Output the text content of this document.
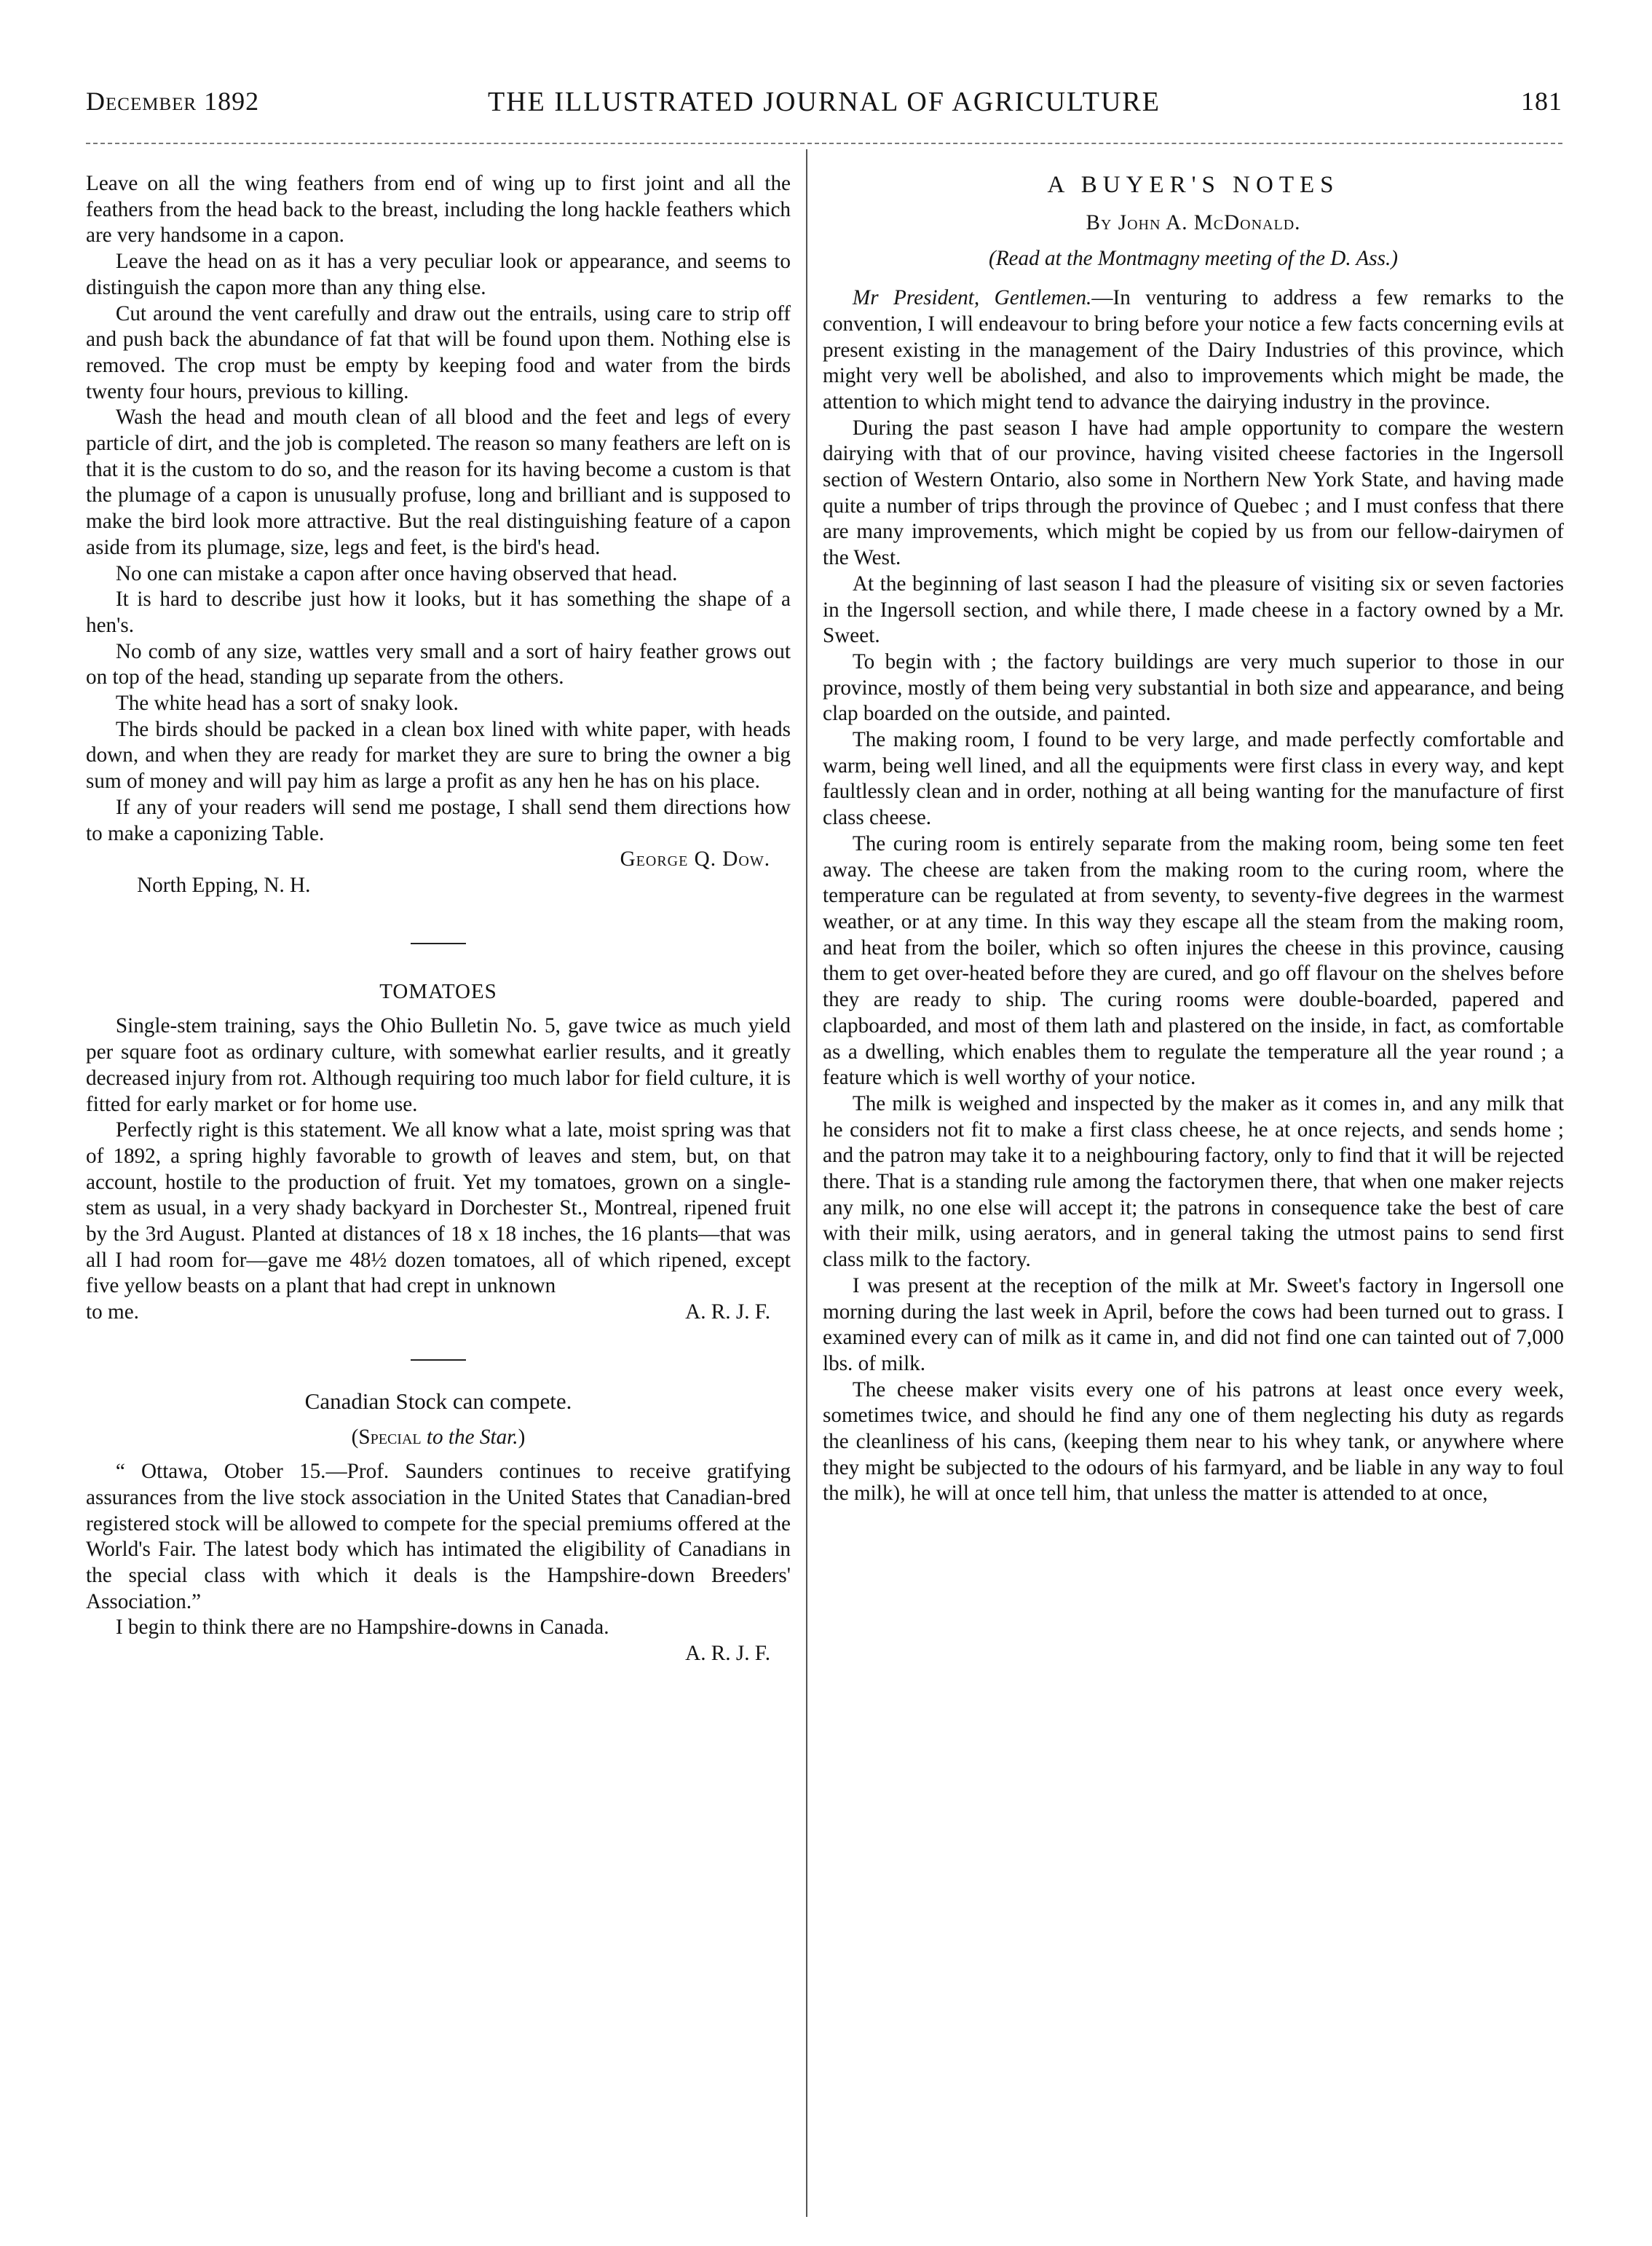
December 1892	THE ILLUSTRATED JOURNAL OF AGRICULTURE	181

Leave on all the wing feathers from end of wing up to first joint and all the feathers from the head back to the breast, including the long hackle feathers which are very handsome in a capon.

Leave the head on as it has a very peculiar look or appearance, and seems to distinguish the capon more than any thing else.

Cut around the vent carefully and draw out the entrails, using care to strip off and push back the abundance of fat that will be found upon them. Nothing else is removed. The crop must be empty by keeping food and water from the birds twenty four hours, previous to killing.

Wash the head and mouth clean of all blood and the feet and legs of every particle of dirt, and the job is completed. The reason so many feathers are left on is that it is the custom to do so, and the reason for its having become a custom is that the plumage of a capon is unusually profuse, long and brilliant and is supposed to make the bird look more attractive. But the real distinguishing feature of a capon aside from its plumage, size, legs and feet, is the bird's head.

No one can mistake a capon after once having observed that head.

It is hard to describe just how it looks, but it has something the shape of a hen's.

No comb of any size, wattles very small and a sort of hairy feather grows out on top of the head, standing up separate from the others.

The white head has a sort of snaky look.

The birds should be packed in a clean box lined with white paper, with heads down, and when they are ready for market they are sure to bring the owner a big sum of money and will pay him as large a profit as any hen he has on his place.

If any of your readers will send me postage, I shall send them directions how to make a caponizing Table.

George Q. Dow.

North Epping, N. H.

TOMATOES

Single-stem training, says the Ohio Bulletin No. 5, gave twice as much yield per square foot as ordinary culture, with somewhat earlier results, and it greatly decreased injury from rot. Although requiring too much labor for field culture, it is fitted for early market or for home use.

Perfectly right is this statement. We all know what a late, moist spring was that of 1892, a spring highly favorable to growth of leaves and stem, but, on that account, hostile to the production of fruit. Yet my tomatoes, grown on a single-stem as usual, in a very shady backyard in Dorchester St., Montreal, ripened fruit by the 3rd August. Planted at distances of 18 x 18 inches, the 16 plants—that was all I had room for—gave me 48½ dozen tomatoes, all of which ripened, except five yellow beasts on a plant that had crept in unknown

to me.	A. R. J. F.

Canadian Stock can compete.

(Special to the Star.)

“ Ottawa, Otober 15.—Prof. Saunders continues to receive gratifying assurances from the live stock association in the United States that Canadian-bred registered stock will be allowed to compete for the special premiums offered at the World's Fair. The latest body which has intimated the eligibility of Canadians in the special class with which it deals is the Hampshire-down Breeders' Association.”

I begin to think there are no Hampshire-downs in Canada.

A. R. J. F.

A BUYER'S NOTES

By John A. McDonald.

(Read at the Montmagny meeting of the D. Ass.)

Mr President, Gentlemen.—In venturing to address a few remarks to the convention, I will endeavour to bring before your notice a few facts concerning evils at present existing in the management of the Dairy Industries of this province, which might very well be abolished, and also to improvements which might be made, the attention to which might tend to advance the dairying industry in the province.

During the past season I have had ample opportunity to compare the western dairying with that of our province, having visited cheese factories in the Ingersoll section of Western Ontario, also some in Northern New York State, and having made quite a number of trips through the province of Quebec ; and I must confess that there are many improvements, which might be copied by us from our fellow-dairymen of the West.

At the beginning of last season I had the pleasure of visiting six or seven factories in the Ingersoll section, and while there, I made cheese in a factory owned by a Mr. Sweet.

To begin with ; the factory buildings are very much superior to those in our province, mostly of them being very substantial in both size and appearance, and being clap boarded on the outside, and painted.

The making room, I found to be very large, and made perfectly comfortable and warm, being well lined, and all the equipments were first class in every way, and kept faultlessly clean and in order, nothing at all being wanting for the manufacture of first class cheese.

The curing room is entirely separate from the making room, being some ten feet away. The cheese are taken from the making room to the curing room, where the temperature can be regulated at from seventy, to seventy-five degrees in the warmest weather, or at any time. In this way they escape all the steam from the making room, and heat from the boiler, which so often injures the cheese in this province, causing them to get over-heated before they are cured, and go off flavour on the shelves before they are ready to ship. The curing rooms were double-boarded, papered and clapboarded, and most of them lath and plastered on the inside, in fact, as comfortable as a dwelling, which enables them to regulate the temperature all the year round ; a feature which is well worthy of your notice.

The milk is weighed and inspected by the maker as it comes in, and any milk that he considers not fit to make a first class cheese, he at once rejects, and sends home ; and the patron may take it to a neighbouring factory, only to find that it will be rejected there. That is a standing rule among the factorymen there, that when one maker rejects any milk, no one else will accept it; the patrons in consequence take the best of care with their milk, using aerators, and in general taking the utmost pains to send first class milk to the factory.

I was present at the reception of the milk at Mr. Sweet's factory in Ingersoll one morning during the last week in April, before the cows had been turned out to grass. I examined every can of milk as it came in, and did not find one can tainted out of 7,000 lbs. of milk.

The cheese maker visits every one of his patrons at least once every week, sometimes twice, and should he find any one of them neglecting his duty as regards the cleanliness of his cans, (keeping them near to his whey tank, or anywhere where they might be subjected to the odours of his farmyard, and be liable in any way to foul the milk), he will at once tell him, that unless the matter is attended to at once,
